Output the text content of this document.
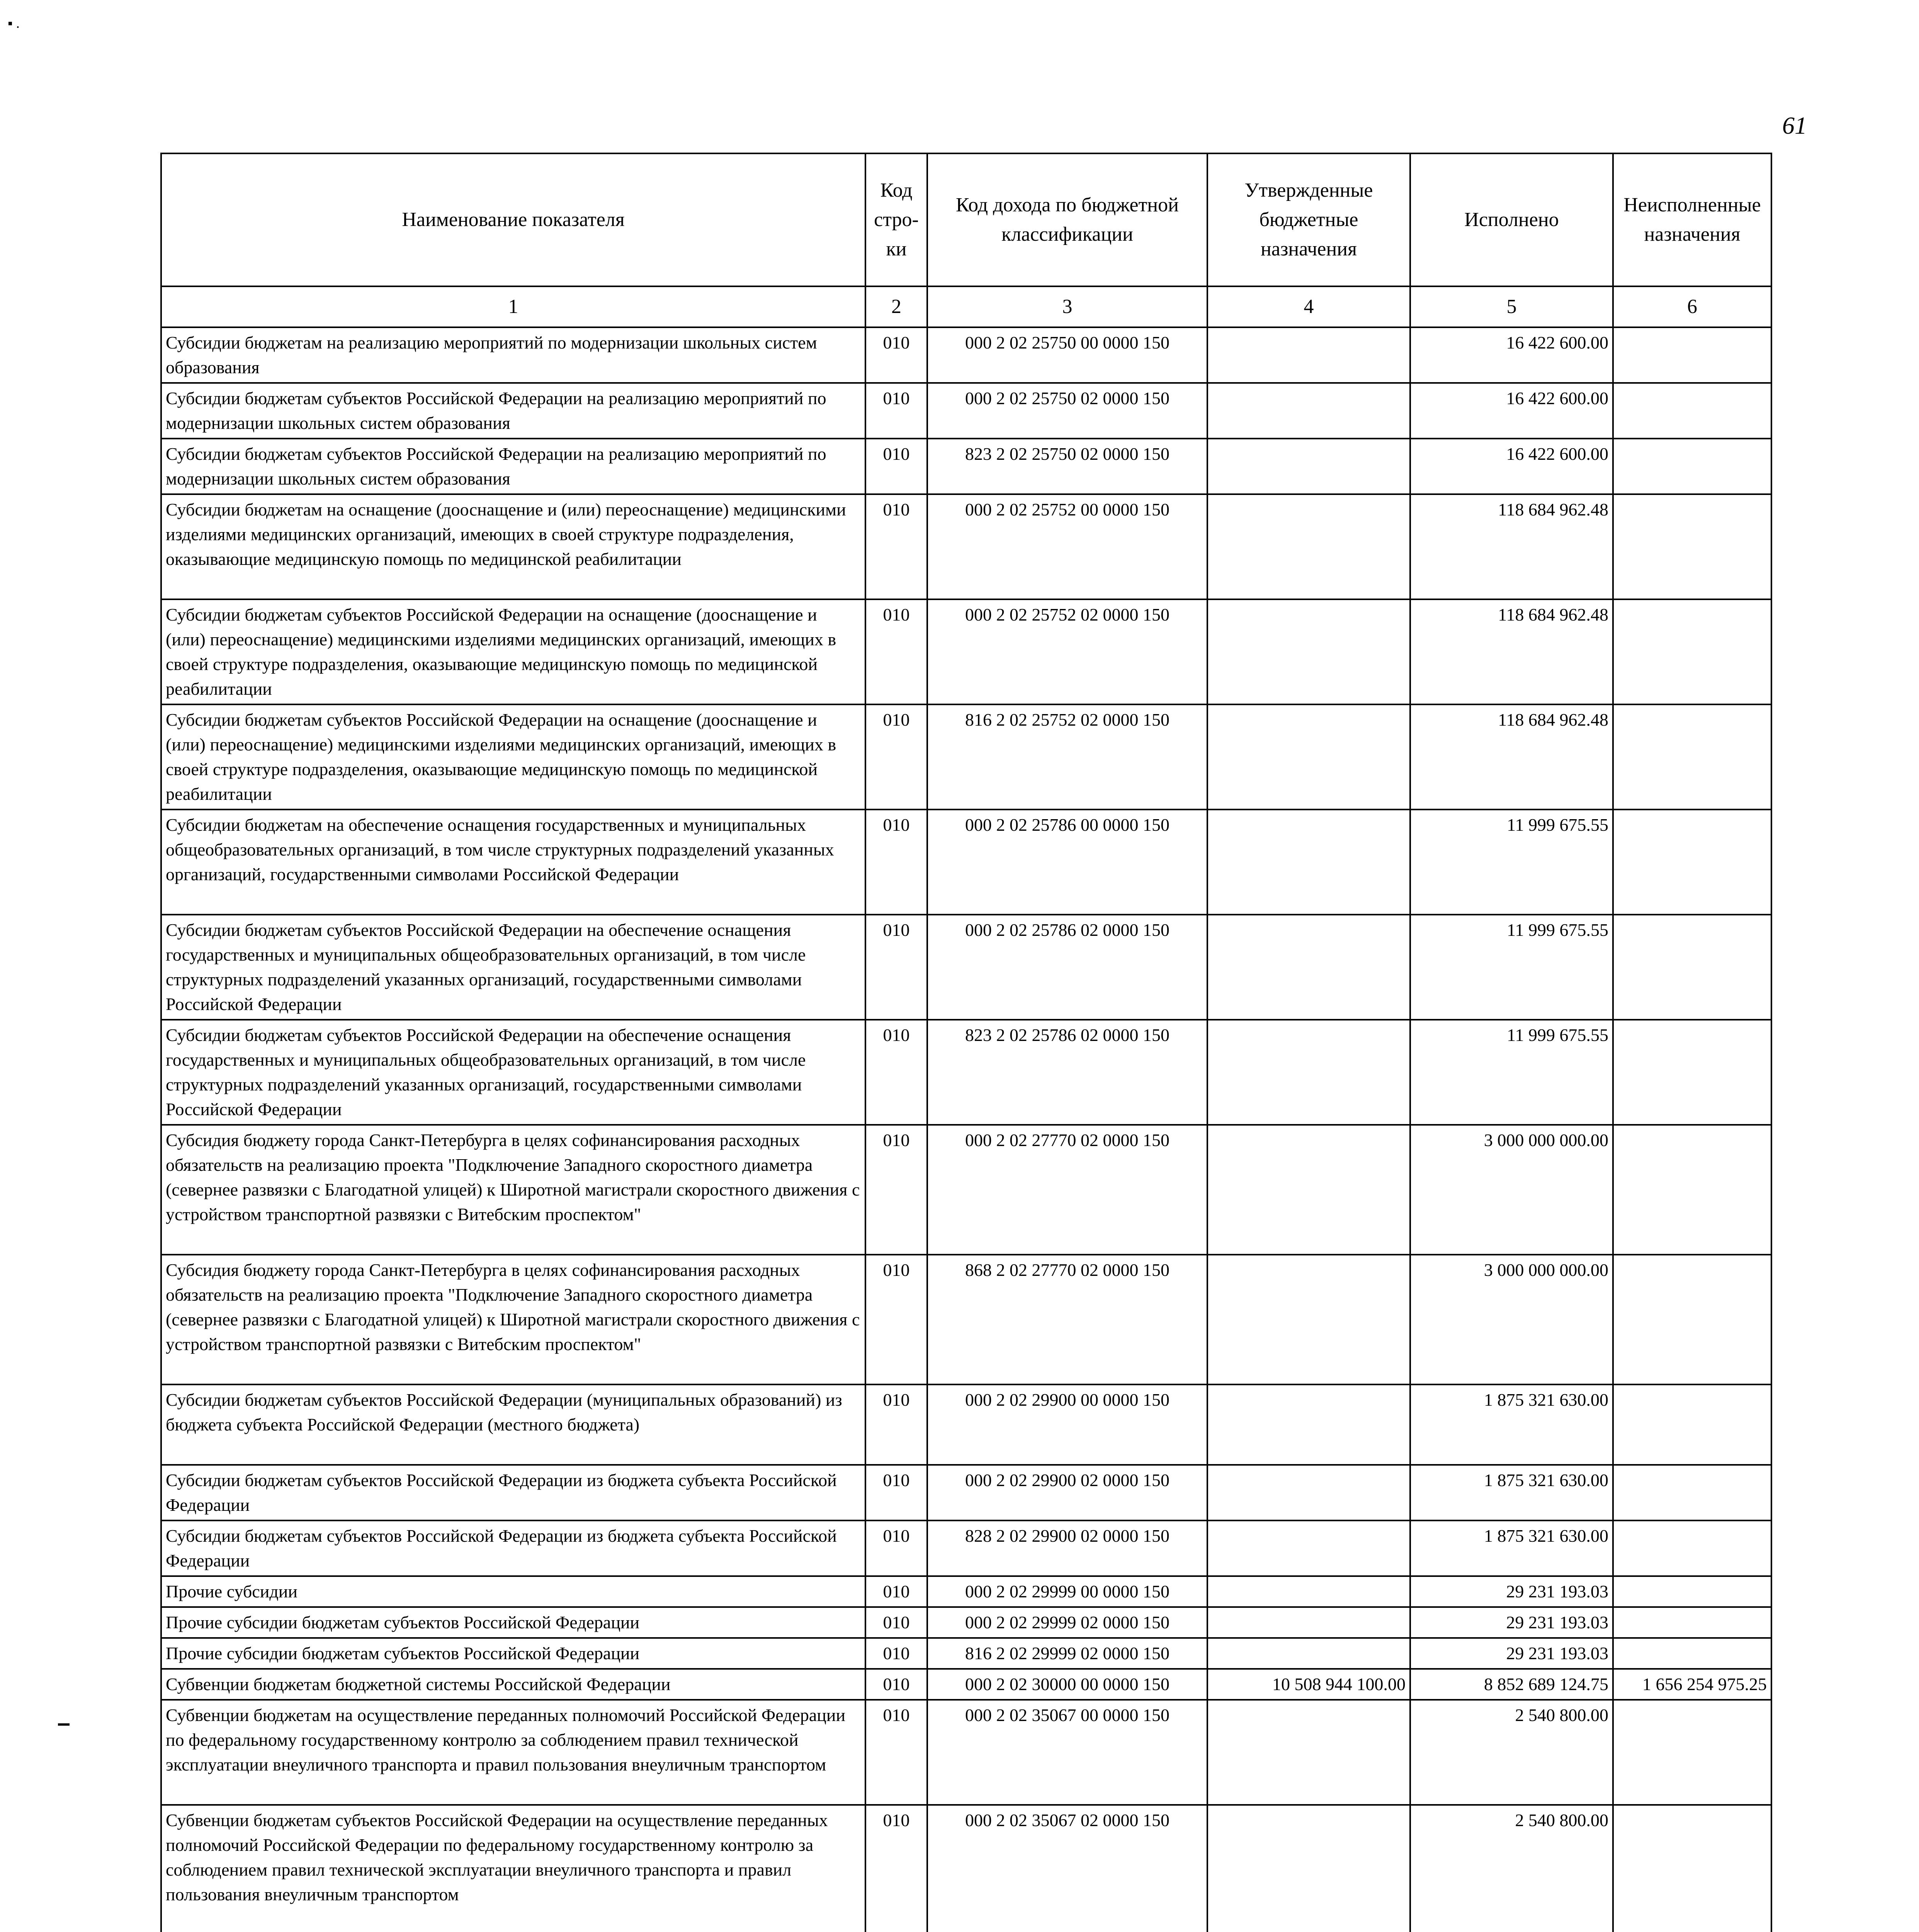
▪ .
61
Наименование показателя	Код стро-ки	Код дохода по бюджетной классификации	Утвержденные бюджетные назначения	Исполнено	Неисполненные назначения
1	2	3	4	5	6
Субсидии бюджетам на реализацию мероприятий по модернизации школьных систем образования	010	000 2 02 25750 00 0000 150		16 422 600.00	
Субсидии бюджетам субъектов Российской Федерации на реализацию мероприятий по модернизации школьных систем образования	010	000 2 02 25750 02 0000 150		16 422 600.00	
Субсидии бюджетам субъектов Российской Федерации на реализацию мероприятий по модернизации школьных систем образования	010	823 2 02 25750 02 0000 150		16 422 600.00	
Субсидии бюджетам на оснащение (дооснащение и (или) переоснащение) медицинскими изделиями медицинских организаций, имеющих в своей структуре подразделения, оказывающие медицинскую помощь по медицинской реабилитации	010	000 2 02 25752 00 0000 150		118 684 962.48	
Субсидии бюджетам субъектов Российской Федерации на оснащение (дооснащение и (или) переоснащение) медицинскими изделиями медицинских организаций, имеющих в своей структуре подразделения, оказывающие медицинскую помощь по медицинской реабилитации	010	000 2 02 25752 02 0000 150		118 684 962.48	
Субсидии бюджетам субъектов Российской Федерации на оснащение (дооснащение и (или) переоснащение) медицинскими изделиями медицинских организаций, имеющих в своей структуре подразделения, оказывающие медицинскую помощь по медицинской реабилитации	010	816 2 02 25752 02 0000 150		118 684 962.48	
Субсидии бюджетам на обеспечение оснащения государственных и муниципальных общеобразовательных организаций, в том числе структурных подразделений указанных организаций, государственными символами Российской Федерации	010	000 2 02 25786 00 0000 150		11 999 675.55	
Субсидии бюджетам субъектов Российской Федерации на обеспечение оснащения государственных и муниципальных общеобразовательных организаций, в том числе структурных подразделений указанных организаций, государственными символами Российской Федерации	010	000 2 02 25786 02 0000 150		11 999 675.55	
Субсидии бюджетам субъектов Российской Федерации на обеспечение оснащения государственных и муниципальных общеобразовательных организаций, в том числе структурных подразделений указанных организаций, государственными символами Российской Федерации	010	823 2 02 25786 02 0000 150		11 999 675.55	
Субсидия бюджету города Санкт-Петербурга в целях софинансирования расходных обязательств на реализацию проекта "Подключение Западного скоростного диаметра (севернее развязки с Благодатной улицей) к Широтной магистрали скоростного движения с устройством транспортной развязки с Витебским проспектом"	010	000 2 02 27770 02 0000 150		3 000 000 000.00	
Субсидия бюджету города Санкт-Петербурга в целях софинансирования расходных обязательств на реализацию проекта "Подключение Западного скоростного диаметра (севернее развязки с Благодатной улицей) к Широтной магистрали скоростного движения с устройством транспортной развязки с Витебским проспектом"	010	868 2 02 27770 02 0000 150		3 000 000 000.00	
Субсидии бюджетам субъектов Российской Федерации (муниципальных образований) из бюджета субъекта Российской Федерации (местного бюджета)	010	000 2 02 29900 00 0000 150		1 875 321 630.00	
Субсидии бюджетам субъектов Российской Федерации из бюджета субъекта Российской Федерации	010	000 2 02 29900 02 0000 150		1 875 321 630.00	
Субсидии бюджетам субъектов Российской Федерации из бюджета субъекта Российской Федерации	010	828 2 02 29900 02 0000 150		1 875 321 630.00	
Прочие субсидии	010	000 2 02 29999 00 0000 150		29 231 193.03	
Прочие субсидии бюджетам субъектов Российской Федерации	010	000 2 02 29999 02 0000 150		29 231 193.03	
Прочие субсидии бюджетам субъектов Российской Федерации	010	816 2 02 29999 02 0000 150		29 231 193.03	
Субвенции бюджетам бюджетной системы Российской Федерации	010	000 2 02 30000 00 0000 150	10 508 944 100.00	8 852 689 124.75	1 656 254 975.25
Субвенции бюджетам на осуществление переданных полномочий Российской Федерации по федеральному государственному контролю за соблюдением правил технической эксплуатации внеуличного транспорта и правил пользования внеуличным транспортом	010	000 2 02 35067 00 0000 150		2 540 800.00	
Субвенции бюджетам субъектов Российской Федерации на осуществление переданных полномочий Российской Федерации по федеральному государственному контролю за соблюдением правил технической эксплуатации внеуличного транспорта и правил пользования внеуличным транспортом	010	000 2 02 35067 02 0000 150		2 540 800.00	
